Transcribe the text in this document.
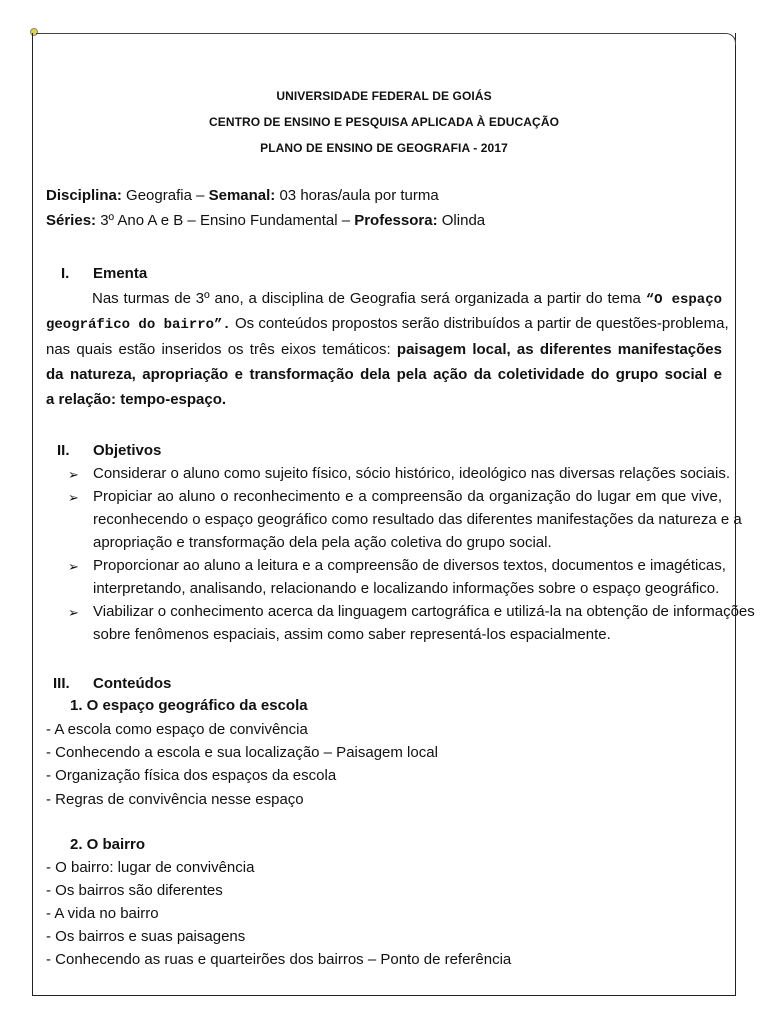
UNIVERSIDADE FEDERAL DE GOIÁS
CENTRO DE ENSINO E PESQUISA APLICADA À EDUCAÇÃO
PLANO DE ENSINO DE GEOGRAFIA - 2017
Disciplina: Geografia – Semanal: 03 horas/aula por turma
Séries: 3º Ano A e B – Ensino Fundamental – Professora: Olinda
I. Ementa
Nas turmas de 3º ano, a disciplina de Geografia será organizada a partir do tema “O espaço
geográfico do bairro”. Os conteúdos propostos serão distribuídos a partir de questões-problema,
nas quais estão inseridos os três eixos temáticos: paisagem local, as diferentes manifestações
da natureza, apropriação e transformação dela pela ação da coletividade do grupo social e
a relação: tempo-espaço.
II. Objetivos
➢ Considerar o aluno como sujeito físico, sócio histórico, ideológico nas diversas relações sociais.
➢ Propiciar ao aluno o reconhecimento e a compreensão da organização do lugar em que vive,
reconhecendo o espaço geográfico como resultado das diferentes manifestações da natureza e a
apropriação e transformação dela pela ação coletiva do grupo social.
➢ Proporcionar ao aluno a leitura e a compreensão de diversos textos, documentos e imagéticas,
interpretando, analisando, relacionando e localizando informações sobre o espaço geográfico.
➢ Viabilizar o conhecimento acerca da linguagem cartográfica e utilizá-la na obtenção de informações
sobre fenômenos espaciais, assim como saber representá-los espacialmente.
III. Conteúdos
1. O espaço geográfico da escola
- A escola como espaço de convivência
- Conhecendo a escola e sua localização – Paisagem local
- Organização física dos espaços da escola
- Regras de convivência nesse espaço
2. O bairro
- O bairro: lugar de convivência
- Os bairros são diferentes
- A vida no bairro
- Os bairros e suas paisagens
- Conhecendo as ruas e quarteirões dos bairros – Ponto de referência
